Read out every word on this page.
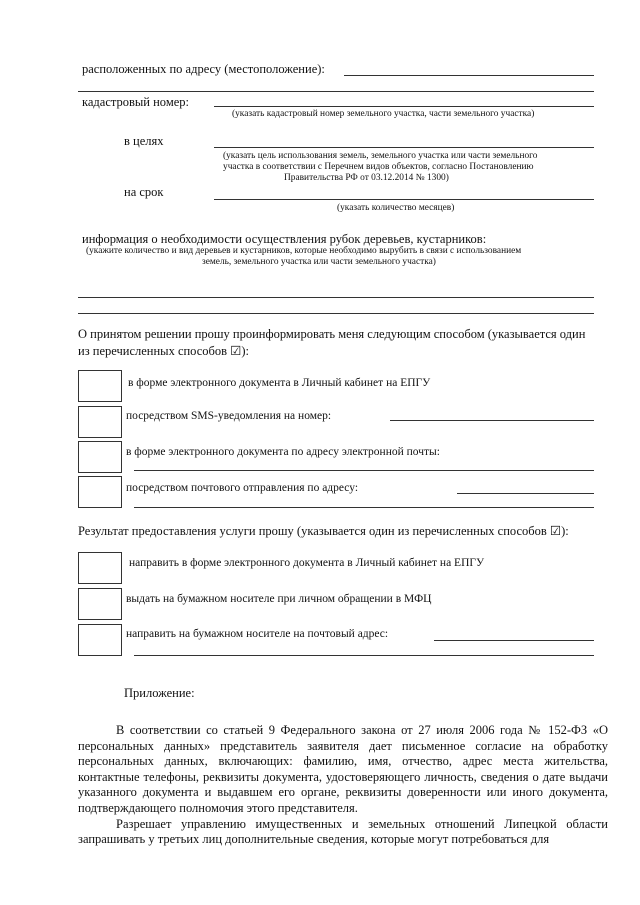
расположенных по адресу (местоположение):
кадастровый номер:
(указать кадастровый номер земельного участка, части земельного участка)
в целях
(указать цель использования земель, земельного участка или части земельного
участка в соответствии с Перечнем видов объектов, согласно Постановлению
Правительства РФ от 03.12.2014 № 1300)
на срок
(указать количество месяцев)
информация о необходимости осуществления рубок деревьев, кустарников:
(укажите количество и вид деревьев и кустарников, которые необходимо вырубить в связи с использованием
земель, земельного участка или части земельного участка)
О принятом решении прошу проинформировать меня следующим способом (указывается один
из перечисленных способов ☑):
в форме электронного документа в Личный кабинет на ЕПГУ
посредством SMS-уведомления на номер:
в форме электронного документа по адресу электронной почты:
посредством почтового отправления по адресу:
Результат предоставления услуги прошу (указывается один из перечисленных способов ☑):
направить в форме электронного документа в Личный кабинет на ЕПГУ
выдать на бумажном носителе при личном обращении в МФЦ
направить на бумажном носителе на почтовый адрес:
Приложение:

В соответствии со статьей 9 Федерального закона от 27 июля 2006 года № 152-ФЗ «О персональных данных» представитель заявителя дает письменное согласие на обработку персональных данных, включающих: фамилию, имя, отчество, адрес места жительства, контактные телефоны, реквизиты документа, удостоверяющего личность, сведения о дате выдачи указанного документа и выдавшем его органе, реквизиты доверенности или иного документа, подтверждающего полномочия этого представителя.

Разрешает управлению имущественных и земельных отношений Липецкой области запрашивать у третьих лиц дополнительные сведения, которые могут потребоваться для
